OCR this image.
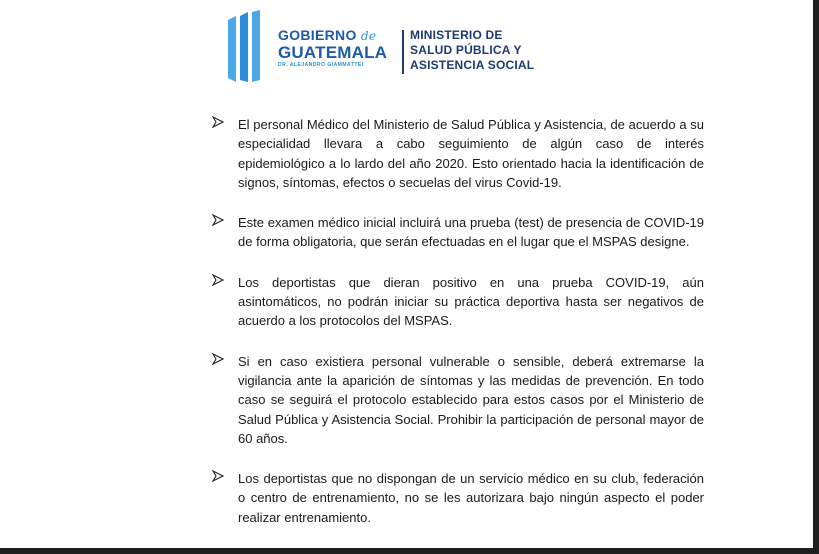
GOBIERNO de
GUATEMALA
DR. ALEJANDRO GIAMMATTEI
MINISTERIO DE
SALUD PÚBLICA Y
ASISTENCIA SOCIAL
El personal Médico del Ministerio de Salud Pública y Asistencia, de acuerdo a su especialidad llevara a cabo seguimiento de algún caso de interés epidemiológico a lo lardo del año 2020. Esto orientado hacia la identificación de signos, síntomas, efectos o secuelas del virus Covid-19.
Este examen médico inicial incluirá una prueba (test) de presencia de COVID-19 de forma obligatoria, que serán efectuadas en el lugar que el MSPAS designe.
Los deportistas que dieran positivo en una prueba COVID-19, aún asintomáticos, no podrán iniciar su práctica deportiva hasta ser negativos de acuerdo a los protocolos del MSPAS.
Si en caso existiera personal vulnerable o sensible, deberá extremarse la vigilancia ante la aparición de síntomas y las medidas de prevención. En todo caso se seguirá el protocolo establecido para estos casos por el Ministerio de Salud Pública y Asistencia Social. Prohibir la participación de personal mayor de 60 años.
Los deportistas que no dispongan de un servicio médico en su club, federación o centro de entrenamiento, no se les autorizara bajo ningún aspecto el poder realizar entrenamiento.
